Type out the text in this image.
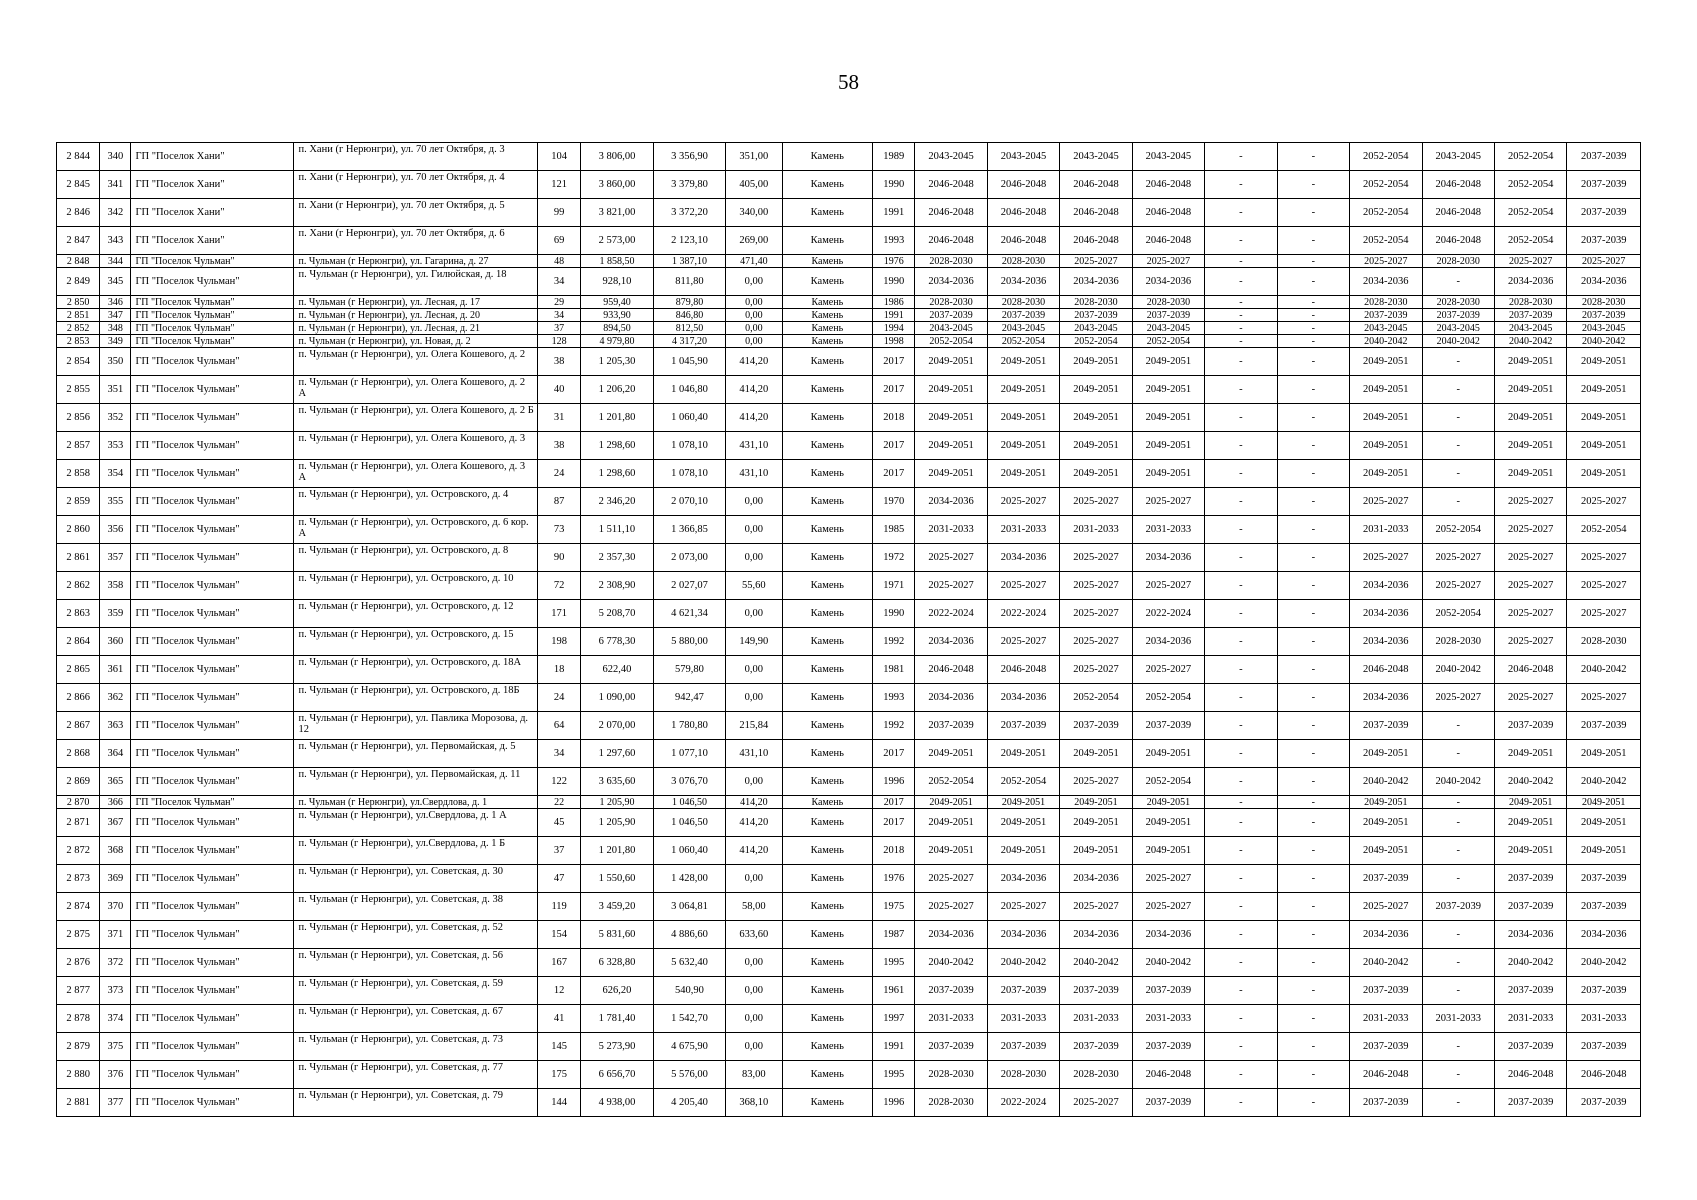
58
2 844	340	ГП "Поселок Хани"	п. Хани (г Нерюнгри), ул. 70 лет Октября, д. 3	104	3 806,00	3 356,90	351,00	Камень	1989	2043-2045	2043-2045	2043-2045	2043-2045	-	-	2052-2054	2043-2045	2052-2054	2037-2039
2 845	341	ГП "Поселок Хани"	п. Хани (г Нерюнгри), ул. 70 лет Октября, д. 4	121	3 860,00	3 379,80	405,00	Камень	1990	2046-2048	2046-2048	2046-2048	2046-2048	-	-	2052-2054	2046-2048	2052-2054	2037-2039
2 846	342	ГП "Поселок Хани"	п. Хани (г Нерюнгри), ул. 70 лет Октября, д. 5	99	3 821,00	3 372,20	340,00	Камень	1991	2046-2048	2046-2048	2046-2048	2046-2048	-	-	2052-2054	2046-2048	2052-2054	2037-2039
2 847	343	ГП "Поселок Хани"	п. Хани (г Нерюнгри), ул. 70 лет Октября, д. 6	69	2 573,00	2 123,10	269,00	Камень	1993	2046-2048	2046-2048	2046-2048	2046-2048	-	-	2052-2054	2046-2048	2052-2054	2037-2039
2 848	344	ГП "Поселок Чульман"	п. Чульман (г Нерюнгри), ул. Гагарина, д. 27	48	1 858,50	1 387,10	471,40	Камень	1976	2028-2030	2028-2030	2025-2027	2025-2027	-	-	2025-2027	2028-2030	2025-2027	2025-2027
2 849	345	ГП "Поселок Чульман"	п. Чульман (г Нерюнгри), ул. Гилюйская, д. 18	34	928,10	811,80	0,00	Камень	1990	2034-2036	2034-2036	2034-2036	2034-2036	-	-	2034-2036	-	2034-2036	2034-2036
2 850	346	ГП "Поселок Чульман"	п. Чульман (г Нерюнгри), ул. Лесная, д. 17	29	959,40	879,80	0,00	Камень	1986	2028-2030	2028-2030	2028-2030	2028-2030	-	-	2028-2030	2028-2030	2028-2030	2028-2030
2 851	347	ГП "Поселок Чульман"	п. Чульман (г Нерюнгри), ул. Лесная, д. 20	34	933,90	846,80	0,00	Камень	1991	2037-2039	2037-2039	2037-2039	2037-2039	-	-	2037-2039	2037-2039	2037-2039	2037-2039
2 852	348	ГП "Поселок Чульман"	п. Чульман (г Нерюнгри), ул. Лесная, д. 21	37	894,50	812,50	0,00	Камень	1994	2043-2045	2043-2045	2043-2045	2043-2045	-	-	2043-2045	2043-2045	2043-2045	2043-2045
2 853	349	ГП "Поселок Чульман"	п. Чульман (г Нерюнгри), ул. Новая, д. 2	128	4 979,80	4 317,20	0,00	Камень	1998	2052-2054	2052-2054	2052-2054	2052-2054	-	-	2040-2042	2040-2042	2040-2042	2040-2042
2 854	350	ГП "Поселок Чульман"	п. Чульман (г Нерюнгри), ул. Олега Кошевого, д. 2	38	1 205,30	1 045,90	414,20	Камень	2017	2049-2051	2049-2051	2049-2051	2049-2051	-	-	2049-2051	-	2049-2051	2049-2051
2 855	351	ГП "Поселок Чульман"	п. Чульман (г Нерюнгри), ул. Олега Кошевого, д. 2 А	40	1 206,20	1 046,80	414,20	Камень	2017	2049-2051	2049-2051	2049-2051	2049-2051	-	-	2049-2051	-	2049-2051	2049-2051
2 856	352	ГП "Поселок Чульман"	п. Чульман (г Нерюнгри), ул. Олега Кошевого, д. 2 Б	31	1 201,80	1 060,40	414,20	Камень	2018	2049-2051	2049-2051	2049-2051	2049-2051	-	-	2049-2051	-	2049-2051	2049-2051
2 857	353	ГП "Поселок Чульман"	п. Чульман (г Нерюнгри), ул. Олега Кошевого, д. 3	38	1 298,60	1 078,10	431,10	Камень	2017	2049-2051	2049-2051	2049-2051	2049-2051	-	-	2049-2051	-	2049-2051	2049-2051
2 858	354	ГП "Поселок Чульман"	п. Чульман (г Нерюнгри), ул. Олега Кошевого, д. 3 А	24	1 298,60	1 078,10	431,10	Камень	2017	2049-2051	2049-2051	2049-2051	2049-2051	-	-	2049-2051	-	2049-2051	2049-2051
2 859	355	ГП "Поселок Чульман"	п. Чульман (г Нерюнгри), ул. Островского, д. 4	87	2 346,20	2 070,10	0,00	Камень	1970	2034-2036	2025-2027	2025-2027	2025-2027	-	-	2025-2027	-	2025-2027	2025-2027
2 860	356	ГП "Поселок Чульман"	п. Чульман (г Нерюнгри), ул. Островского, д. 6 кор. А	73	1 511,10	1 366,85	0,00	Камень	1985	2031-2033	2031-2033	2031-2033	2031-2033	-	-	2031-2033	2052-2054	2025-2027	2052-2054
2 861	357	ГП "Поселок Чульман"	п. Чульман (г Нерюнгри), ул. Островского, д. 8	90	2 357,30	2 073,00	0,00	Камень	1972	2025-2027	2034-2036	2025-2027	2034-2036	-	-	2025-2027	2025-2027	2025-2027	2025-2027
2 862	358	ГП "Поселок Чульман"	п. Чульман (г Нерюнгри), ул. Островского, д. 10	72	2 308,90	2 027,07	55,60	Камень	1971	2025-2027	2025-2027	2025-2027	2025-2027	-	-	2034-2036	2025-2027	2025-2027	2025-2027
2 863	359	ГП "Поселок Чульман"	п. Чульман (г Нерюнгри), ул. Островского, д. 12	171	5 208,70	4 621,34	0,00	Камень	1990	2022-2024	2022-2024	2025-2027	2022-2024	-	-	2034-2036	2052-2054	2025-2027	2025-2027
2 864	360	ГП "Поселок Чульман"	п. Чульман (г Нерюнгри), ул. Островского, д. 15	198	6 778,30	5 880,00	149,90	Камень	1992	2034-2036	2025-2027	2025-2027	2034-2036	-	-	2034-2036	2028-2030	2025-2027	2028-2030
2 865	361	ГП "Поселок Чульман"	п. Чульман (г Нерюнгри), ул. Островского, д. 18А	18	622,40	579,80	0,00	Камень	1981	2046-2048	2046-2048	2025-2027	2025-2027	-	-	2046-2048	2040-2042	2046-2048	2040-2042
2 866	362	ГП "Поселок Чульман"	п. Чульман (г Нерюнгри), ул. Островского, д. 18Б	24	1 090,00	942,47	0,00	Камень	1993	2034-2036	2034-2036	2052-2054	2052-2054	-	-	2034-2036	2025-2027	2025-2027	2025-2027
2 867	363	ГП "Поселок Чульман"	п. Чульман (г Нерюнгри), ул. Павлика Морозова, д. 12	64	2 070,00	1 780,80	215,84	Камень	1992	2037-2039	2037-2039	2037-2039	2037-2039	-	-	2037-2039	-	2037-2039	2037-2039
2 868	364	ГП "Поселок Чульман"	п. Чульман (г Нерюнгри), ул. Первомайская, д. 5	34	1 297,60	1 077,10	431,10	Камень	2017	2049-2051	2049-2051	2049-2051	2049-2051	-	-	2049-2051	-	2049-2051	2049-2051
2 869	365	ГП "Поселок Чульман"	п. Чульман (г Нерюнгри), ул. Первомайская, д. 11	122	3 635,60	3 076,70	0,00	Камень	1996	2052-2054	2052-2054	2025-2027	2052-2054	-	-	2040-2042	2040-2042	2040-2042	2040-2042
2 870	366	ГП "Поселок Чульман"	п. Чульман (г Нерюнгри), ул.Свердлова, д. 1	22	1 205,90	1 046,50	414,20	Камень	2017	2049-2051	2049-2051	2049-2051	2049-2051	-	-	2049-2051	-	2049-2051	2049-2051
2 871	367	ГП "Поселок Чульман"	п. Чульман (г Нерюнгри), ул.Свердлова, д. 1 А	45	1 205,90	1 046,50	414,20	Камень	2017	2049-2051	2049-2051	2049-2051	2049-2051	-	-	2049-2051	-	2049-2051	2049-2051
2 872	368	ГП "Поселок Чульман"	п. Чульман (г Нерюнгри), ул.Свердлова, д. 1 Б	37	1 201,80	1 060,40	414,20	Камень	2018	2049-2051	2049-2051	2049-2051	2049-2051	-	-	2049-2051	-	2049-2051	2049-2051
2 873	369	ГП "Поселок Чульман"	п. Чульман (г Нерюнгри), ул. Советская, д. 30	47	1 550,60	1 428,00	0,00	Камень	1976	2025-2027	2034-2036	2034-2036	2025-2027	-	-	2037-2039	-	2037-2039	2037-2039
2 874	370	ГП "Поселок Чульман"	п. Чульман (г Нерюнгри), ул. Советская, д. 38	119	3 459,20	3 064,81	58,00	Камень	1975	2025-2027	2025-2027	2025-2027	2025-2027	-	-	2025-2027	2037-2039	2037-2039	2037-2039
2 875	371	ГП "Поселок Чульман"	п. Чульман (г Нерюнгри), ул. Советская, д. 52	154	5 831,60	4 886,60	633,60	Камень	1987	2034-2036	2034-2036	2034-2036	2034-2036	-	-	2034-2036	-	2034-2036	2034-2036
2 876	372	ГП "Поселок Чульман"	п. Чульман (г Нерюнгри), ул. Советская, д. 56	167	6 328,80	5 632,40	0,00	Камень	1995	2040-2042	2040-2042	2040-2042	2040-2042	-	-	2040-2042	-	2040-2042	2040-2042
2 877	373	ГП "Поселок Чульман"	п. Чульман (г Нерюнгри), ул. Советская, д. 59	12	626,20	540,90	0,00	Камень	1961	2037-2039	2037-2039	2037-2039	2037-2039	-	-	2037-2039	-	2037-2039	2037-2039
2 878	374	ГП "Поселок Чульман"	п. Чульман (г Нерюнгри), ул. Советская, д. 67	41	1 781,40	1 542,70	0,00	Камень	1997	2031-2033	2031-2033	2031-2033	2031-2033	-	-	2031-2033	2031-2033	2031-2033	2031-2033
2 879	375	ГП "Поселок Чульман"	п. Чульман (г Нерюнгри), ул. Советская, д. 73	145	5 273,90	4 675,90	0,00	Камень	1991	2037-2039	2037-2039	2037-2039	2037-2039	-	-	2037-2039	-	2037-2039	2037-2039
2 880	376	ГП "Поселок Чульман"	п. Чульман (г Нерюнгри), ул. Советская, д. 77	175	6 656,70	5 576,00	83,00	Камень	1995	2028-2030	2028-2030	2028-2030	2046-2048	-	-	2046-2048	-	2046-2048	2046-2048
2 881	377	ГП "Поселок Чульман"	п. Чульман (г Нерюнгри), ул. Советская, д. 79	144	4 938,00	4 205,40	368,10	Камень	1996	2028-2030	2022-2024	2025-2027	2037-2039	-	-	2037-2039	-	2037-2039	2037-2039
